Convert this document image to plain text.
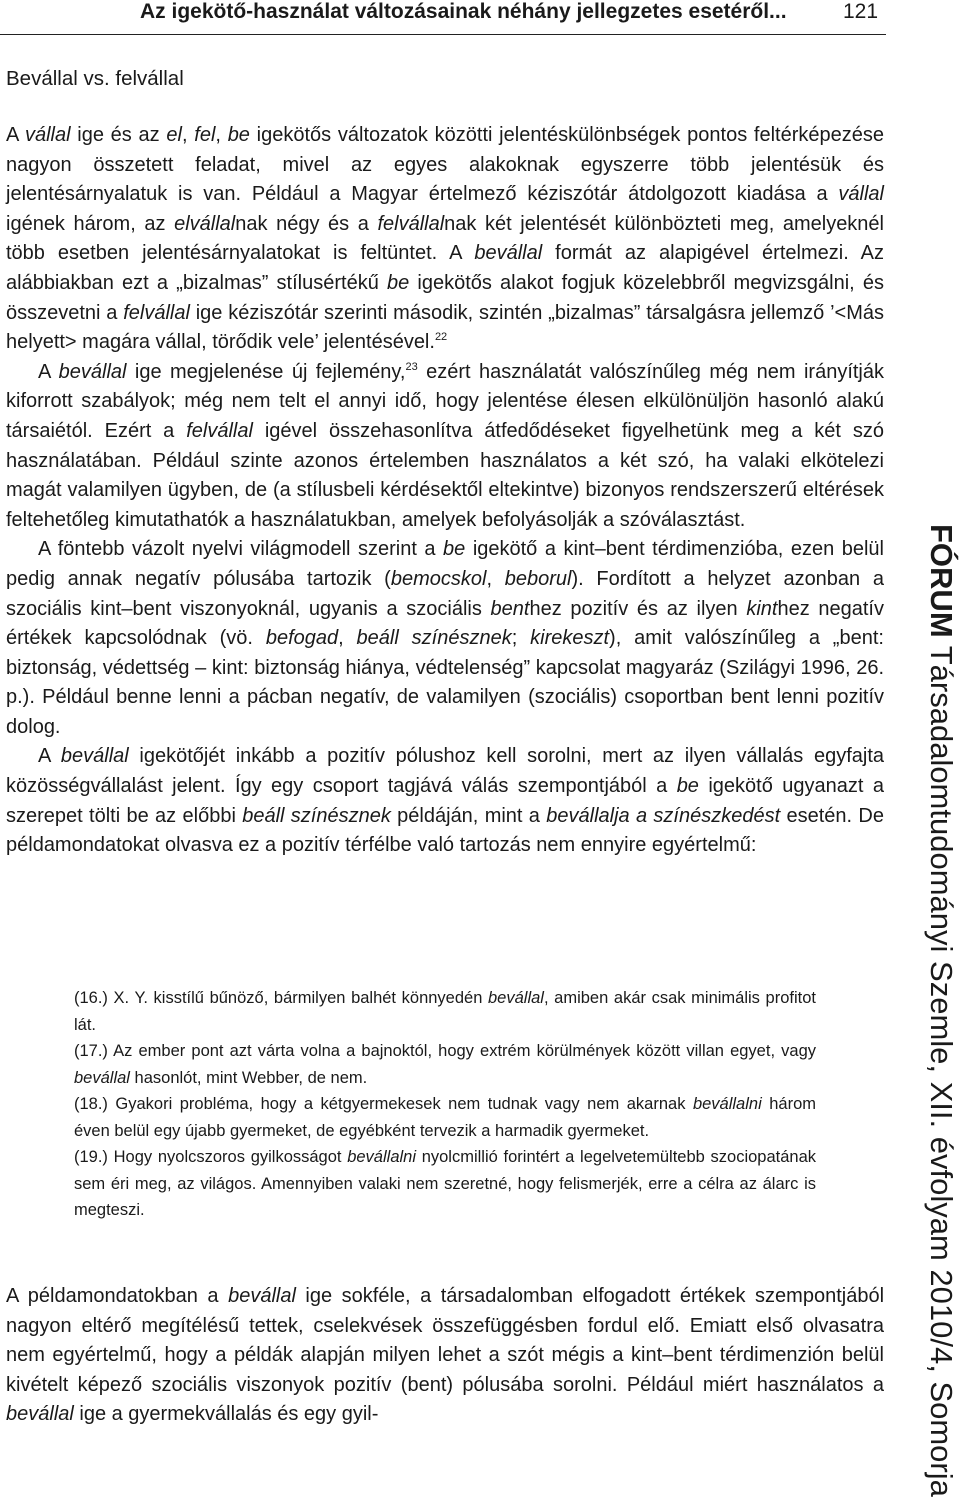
Az igekötő-használat változásainak néhány jellegzetes esetéről...	121
Bevállal vs. felvállal

A vállal ige és az el, fel, be igekötős változatok közötti jelentéskülönbségek pontos feltérképezése nagyon összetett feladat, mivel az egyes alakoknak egyszerre több jelentésük és jelentésárnyalatuk is van. Például a Magyar értelmező kéziszótár átdolgozott kiadása a vállal igének három, az elvállalnak négy és a felvállalnak két jelentését különbözteti meg, amelyeknél több esetben jelentésárnyalatokat is feltüntet. A bevállal formát az alapigével értelmezi. Az alábbiakban ezt a „bizalmas” stílusértékű be igekötős alakot fogjuk közelebbről megvizsgálni, és összevetni a felvállal ige kéziszótár szerinti második, szintén „bizalmas” társalgásra jellemző ’<Más helyett> magára vállal, törődik vele’ jelentésével.$^{22}$

A bevállal ige megjelenése új fejlemény,$^{23}$ ezért használatát valószínűleg még nem irányítják kiforrott szabályok; még nem telt el annyi idő, hogy jelentése élesen elkülönüljön hasonló alakú társaiétól. Ezért a felvállal igével összehasonlítva átfedődéseket figyelhetünk meg a két szó használatában. Például szinte azonos értelemben használatos a két szó, ha valaki elkötelezi magát valamilyen ügyben, de (a stílusbeli kérdésektől eltekintve) bizonyos rendszerszerű eltérések feltehetőleg kimutathatók a használatukban, amelyek befolyásolják a szóválasztást.

A föntebb vázolt nyelvi világmodell szerint a be igekötő a kint–bent térdimenzióba, ezen belül pedig annak negatív pólusába tartozik (bemocskol, beborul). Fordított a helyzet azonban a szociális kint–bent viszonyoknál, ugyanis a szociális benthez pozitív és az ilyen kinthez negatív értékek kapcsolódnak (vö. befogad, beáll színésznek; kirekeszt), amit valószínűleg a „bent: biztonság, védettség – kint: biztonság hiánya, védtelenség” kapcsolat magyaráz (Szilágyi 1996, 26. p.). Például benne lenni a pácban negatív, de valamilyen (szociális) csoportban bent lenni pozitív dolog.

A bevállal igekötőjét inkább a pozitív pólushoz kell sorolni, mert az ilyen vállalás egyfajta közösségvállalást jelent. Így egy csoport tagjává válás szempontjából a be igekötő ugyanazt a szerepet tölti be az előbbi beáll színésznek példáján, mint a bevállalja a színészkedést esetén. De példamondatokat olvasva ez a pozitív térfélbe való tartozás nem ennyire egyértelmű:

(16.) X. Y. kisstílű bűnöző, bármilyen balhét könnyedén bevállal, amiben akár csak minimális profitot lát.

(17.) Az ember pont azt várta volna a bajnoktól, hogy extrém körülmények között villan egyet, vagy bevállal hasonlót, mint Webber, de nem.

(18.) Gyakori probléma, hogy a kétgyermekesek nem tudnak vagy nem akarnak bevállalni három éven belül egy újabb gyermeket, de egyébként tervezik a harmadik gyermeket.

(19.) Hogy nyolcszoros gyilkosságot bevállalni nyolcmillió forintért a legelvetemültebb szociopatának sem éri meg, az világos. Amennyiben valaki nem szeretné, hogy felismerjék, erre a célra az álarc is megteszi.

A példamondatokban a bevállal ige sokféle, a társadalomban elfogadott értékek szempontjából nagyon eltérő megítélésű tettek, cselekvések összefüggésben fordul elő. Emiatt első olvasatra nem egyértelmű, hogy a példák alapján milyen lehet a szót mégis a kint–bent térdimenzión belül kivételt képező szociális viszonyok pozitív (bent) pólusába sorolni. Például miért használatos a bevállal ige a gyermekvállalás és egy gyil-

FÓRUM Társadalomtudományi Szemle, XII. évfolyam 2010/4, Somorja
